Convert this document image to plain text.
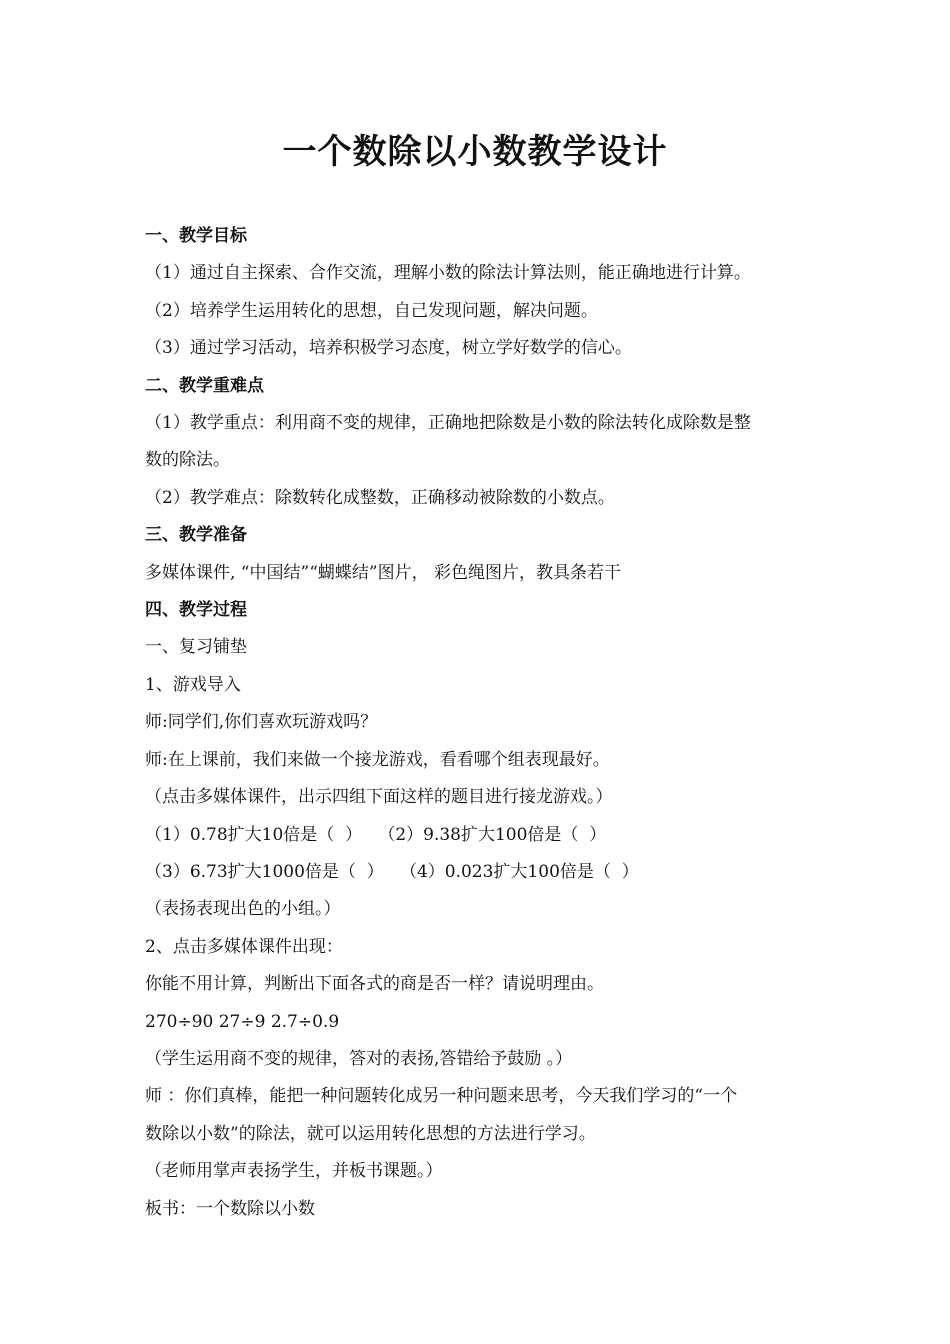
一个数除以小数教学设计
一、教学目标
（1）通过自主探索、合作交流，理解小数的除法计算法则，能正确地进行计算。
（2）培养学生运用转化的思想，自己发现问题，解决问题。
（3）通过学习活动，培养积极学习态度，树立学好数学的信心。
二、教学重难点
（1）教学重点：利用商不变的规律，正确地把除数是小数的除法转化成除数是整
数的除法。
（2）教学难点：除数转化成整数，正确移动被除数的小数点。
三、教学准备
多媒体课件, “中国结”“蝴蝶结”图片， 彩色绳图片，教具条若干
四、教学过程
一、复习铺垫
1、游戏导入
师:同学们,你们喜欢玩游戏吗？
师:在上课前，我们来做一个接龙游戏，看看哪个组表现最好。
（点击多媒体课件，出示四组下面这样的题目进行接龙游戏。）
（1）0.78扩大10倍是（  ）   （2）9.38扩大100倍是（  ）
（3）6.73扩大1000倍是（  ）   （4）0.023扩大100倍是（  ）
（表扬表现出色的小组。）
2、点击多媒体课件出现：
你能不用计算，判断出下面各式的商是否一样？请说明理由。
270÷90 27÷9 2.7÷0.9
（学生运用商不变的规律，答对的表扬,答错给予鼓励 。）
师 ：你们真棒，能把一种问题转化成另一种问题来思考，今天我们学习的“一个
数除以小数”的除法，就可以运用转化思想的方法进行学习。
（老师用掌声表扬学生，并板书课题。）
板书：一个数除以小数
